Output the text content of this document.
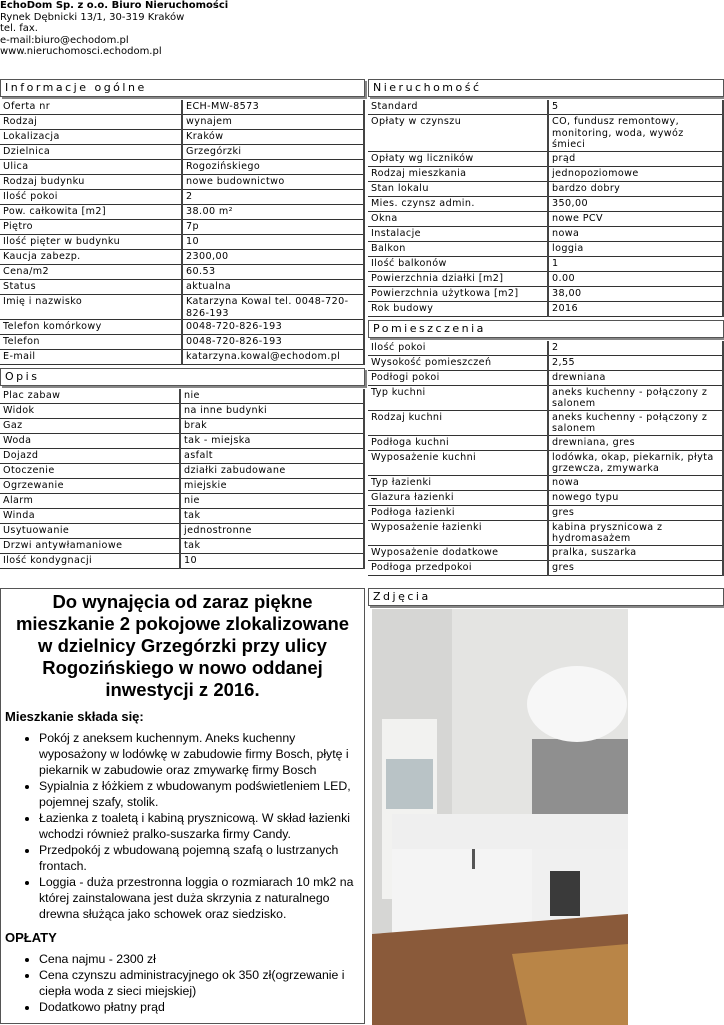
EchoDom Sp. z o.o. Biuro Nieruchomości
Rynek Dębnicki 13/1, 30-319 Kraków
tel. fax.
e-mail:biuro@echodom.pl
www.nieruchomosci.echodom.pl
Informacje ogólne
Oferta nr	ECH-MW-8573
Rodzaj	wynajem
Lokalizacja	Kraków
Dzielnica	Grzegórzki
Ulica	Rogozińskiego
Rodzaj budynku	nowe budownictwo
Ilość pokoi	2
Pow. całkowita [m2]	38.00 m²
Piętro	7p
Ilość pięter w budynku	10
Kaucja zabezp.	2300,00
Cena/m2	60.53
Status	aktualna
Imię i nazwisko	Katarzyna Kowal tel. 0048-720-826-193
Telefon komórkowy	0048-720-826-193
Telefon	0048-720-826-193
E-mail	katarzyna.kowal@echodom.pl
Opis
Plac zabaw	nie
Widok	na inne budynki
Gaz	brak
Woda	tak - miejska
Dojazd	asfalt
Otoczenie	działki zabudowane
Ogrzewanie	miejskie
Alarm	nie
Winda	tak
Usytuowanie	jednostronne
Drzwi antywłamaniowe	tak
Ilość kondygnacji	10
Nieruchomość
Standard	5
Opłaty w czynszu	CO, fundusz remontowy, monitoring, woda, wywóz śmieci
Opłaty wg liczników	prąd
Rodzaj mieszkania	jednopoziomowe
Stan lokalu	bardzo dobry
Mies. czynsz admin.	350,00
Okna	nowe PCV
Instalacje	nowa
Balkon	loggia
Ilość balkonów	1
Powierzchnia działki [m2]	0.00
Powierzchnia użytkowa [m2]	38,00
Rok budowy	2016
Pomieszczenia
Ilość pokoi	2
Wysokość pomieszczeń	2,55
Podłogi pokoi	drewniana
Typ kuchni	aneks kuchenny - połączony z salonem
Rodzaj kuchni	aneks kuchenny - połączony z salonem
Podłoga kuchni	drewniana, gres
Wyposażenie kuchni	lodówka, okap, piekarnik, płyta grzewcza, zmywarka
Typ łazienki	nowa
Glazura łazienki	nowego typu
Podłoga łazienki	gres
Wyposażenie łazienki	kabina prysznicowa z hydromasażem
Wyposażenie dodatkowe	pralka, suszarka
Podłoga przedpokoi	gres
Do wynajęcia od zaraz piękne mieszkanie 2 pokojowe zlokalizowane w dzielnicy Grzegórzki przy ulicy Rogozińskiego w nowo oddanej inwestycji z 2016.
Mieszkanie składa się:
• Pokój z aneksem kuchennym. Aneks kuchenny wyposażony w lodówkę w zabudowie firmy Bosch, płytę i piekarnik w zabudowie oraz zmywarkę firmy Bosch
• Sypialnia z łóżkiem z wbudowanym podświetleniem LED, pojemnej szafy, stolik.
• Łazienka z toaletą i kabiną prysznicową. W skład łazienki wchodzi również pralko-suszarka firmy Candy.
• Przedpokój z wbudowaną pojemną szafą o lustrzanych frontach.
• Loggia - duża przestronna loggia o rozmiarach 10 mk2 na której zainstalowana jest duża skrzynia z naturalnego drewna służąca jako schowek oraz siedzisko.
OPŁATY
• Cena najmu - 2300 zł
• Cena czynszu administracyjnego ok 350 zł(ogrzewanie i ciepła woda z sieci miejskiej)
• Dodatkowo płatny prąd
Zdjęcia
